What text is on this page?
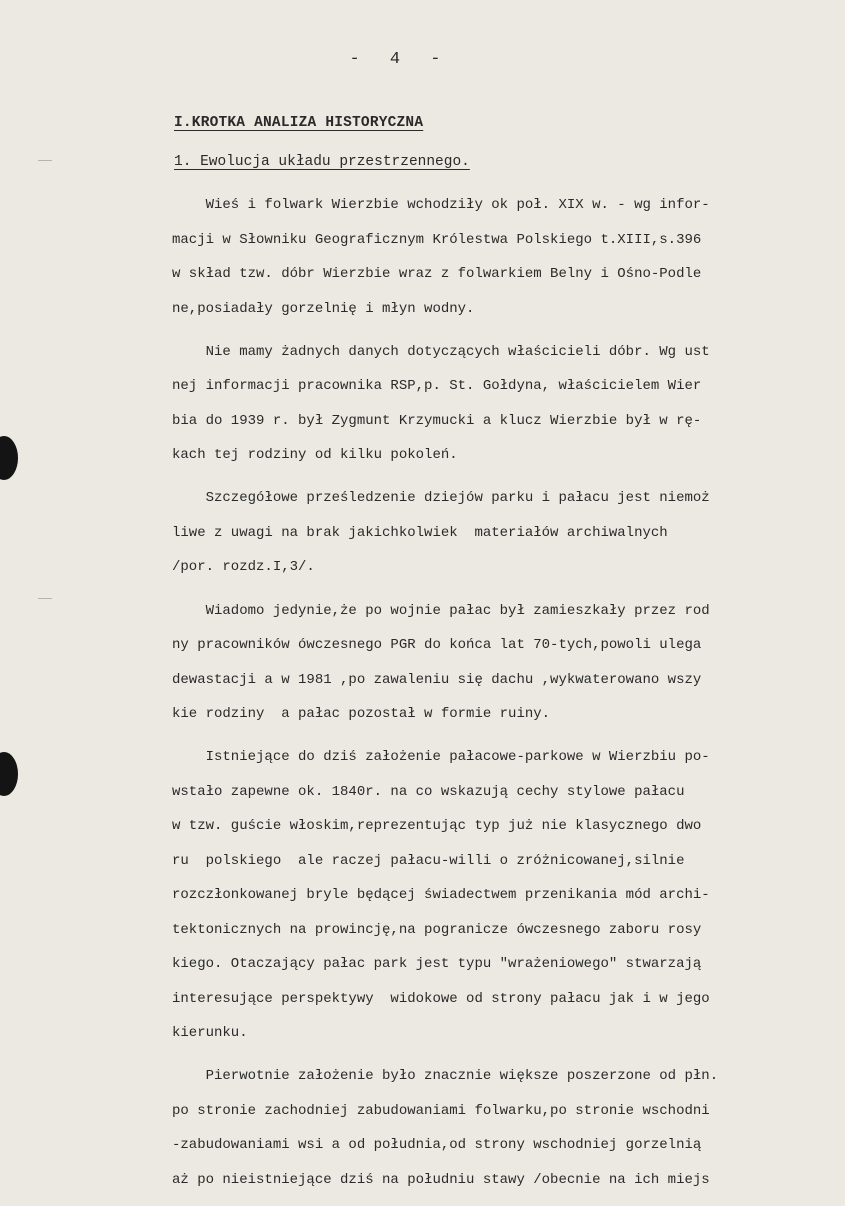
- 4 -
I.KROTKA ANALIZA HISTORYCZNA
1. Ewolucja układu przestrzennego.
Wieś i folwark Wierzbie wchodziły ok poł. XIX w. - wg infor-
macji w Słowniku Geograficznym Królestwa Polskiego t.XIII,s.396
w skład tzw. dóbr Wierzbie wraz z folwarkiem Belny i Ośno-Podle
ne,posiadały gorzelnię i młyn wodny.
Nie mamy żadnych danych dotyczących właścicieli dóbr. Wg ust
nej informacji pracownika RSP,p. St. Gołdyna, właścicielem Wier
bia do 1939 r. był Zygmunt Krzymucki a klucz Wierzbie był w rę-
kach tej rodziny od kilku pokoleń.
Szczegółowe prześledzenie dziejów parku i pałacu jest niemoż
liwe z uwagi na brak jakichkolwiek  materiałów archiwalnych
/por. rozdz.I,3/.
Wiadomo jedynie,że po wojnie pałac był zamieszkały przez rod
ny pracowników ówczesnego PGR do końca lat 70-tych,powoli ulega
dewastacji a w 1981 ,po zawaleniu się dachu ,wykwaterowano wszy
kie rodziny  a pałac pozostał w formie ruiny.
Istniejące do dziś założenie pałacowe-parkowe w Wierzbiu po-
wstało zapewne ok. 1840r. na co wskazują cechy stylowe pałacu
w tzw. guście włoskim,reprezentując typ już nie klasycznego dwo
ru  polskiego  ale raczej pałacu-willi o zróżnicowanej,silnie
rozczłonkowanej bryle będącej świadectwem przenikania mód archi-
tektonicznych na prowincję,na pogranicze ówczesnego zaboru rosy
kiego. Otaczający pałac park jest typu "wrażeniowego" stwarzają
interesujące perspektywy  widokowe od strony pałacu jak i w jego
kierunku.
Pierwotnie założenie było znacznie większe poszerzone od płn.
po stronie zachodniej zabudowaniami folwarku,po stronie wschodni
-zabudowaniami wsi a od południa,od strony wschodniej gorzelnią
aż po nieistniejące dziś na południu stawy /obecnie na ich miejs
